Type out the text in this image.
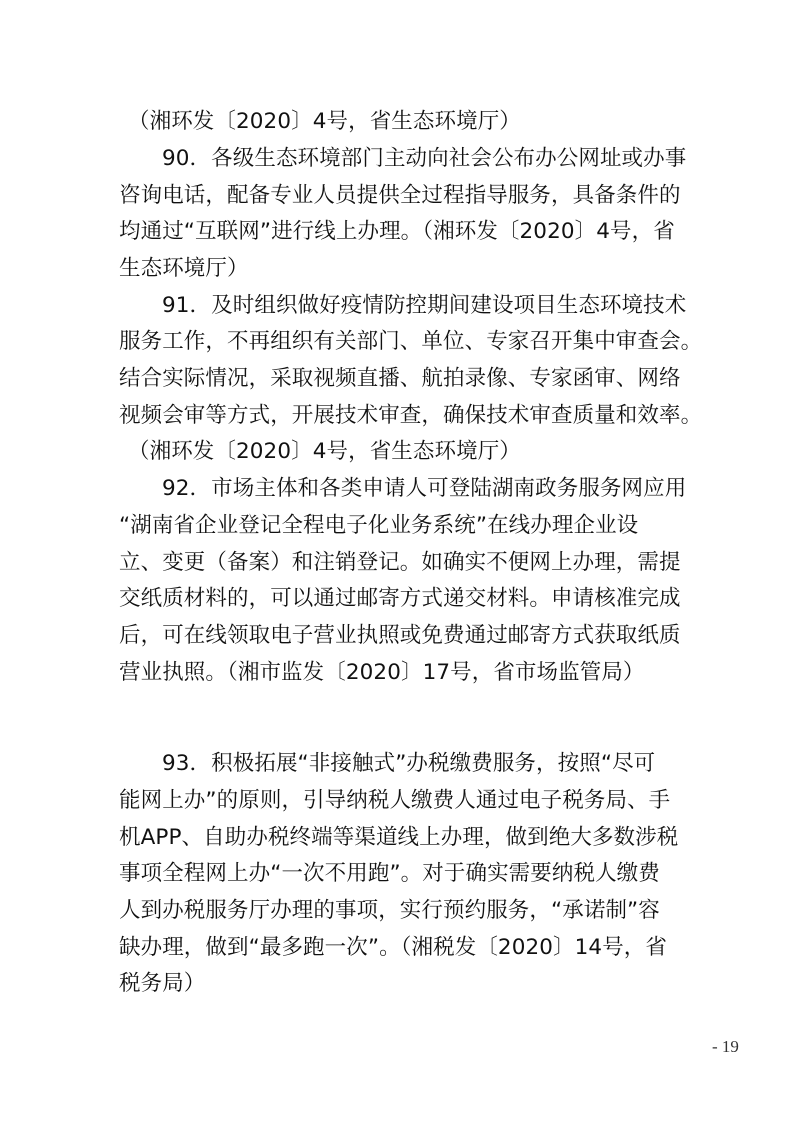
（湘环发〔2020〕4号，省生态环境厅）
90．各级生态环境部门主动向社会公布办公网址或办事
咨询电话，配备专业人员提供全过程指导服务，具备条件的
均通过“互联网”进行线上办理。（湘环发〔2020〕4号，省
生态环境厅）
91．及时组织做好疫情防控期间建设项目生态环境技术
服务工作，不再组织有关部门、单位、专家召开集中审查会。
结合实际情况，采取视频直播、航拍录像、专家函审、网络
视频会审等方式，开展技术审查，确保技术审查质量和效率。
（湘环发〔2020〕4号，省生态环境厅）
92．市场主体和各类申请人可登陆湖南政务服务网应用
“湖南省企业登记全程电子化业务系统”在线办理企业设
立、变更（备案）和注销登记。如确实不便网上办理，需提
交纸质材料的，可以通过邮寄方式递交材料。申请核准完成
后，可在线领取电子营业执照或免费通过邮寄方式获取纸质
营业执照。（湘市监发〔2020〕17号，省市场监管局）
93．积极拓展“非接触式”办税缴费服务，按照“尽可
能网上办”的原则，引导纳税人缴费人通过电子税务局、手
机APP、自助办税终端等渠道线上办理，做到绝大多数涉税
事项全程网上办“一次不用跑”。对于确实需要纳税人缴费
人到办税服务厅办理的事项，实行预约服务，“承诺制”容
缺办理，做到“最多跑一次”。（湘税发〔2020〕14号，省
税务局）
- 19
